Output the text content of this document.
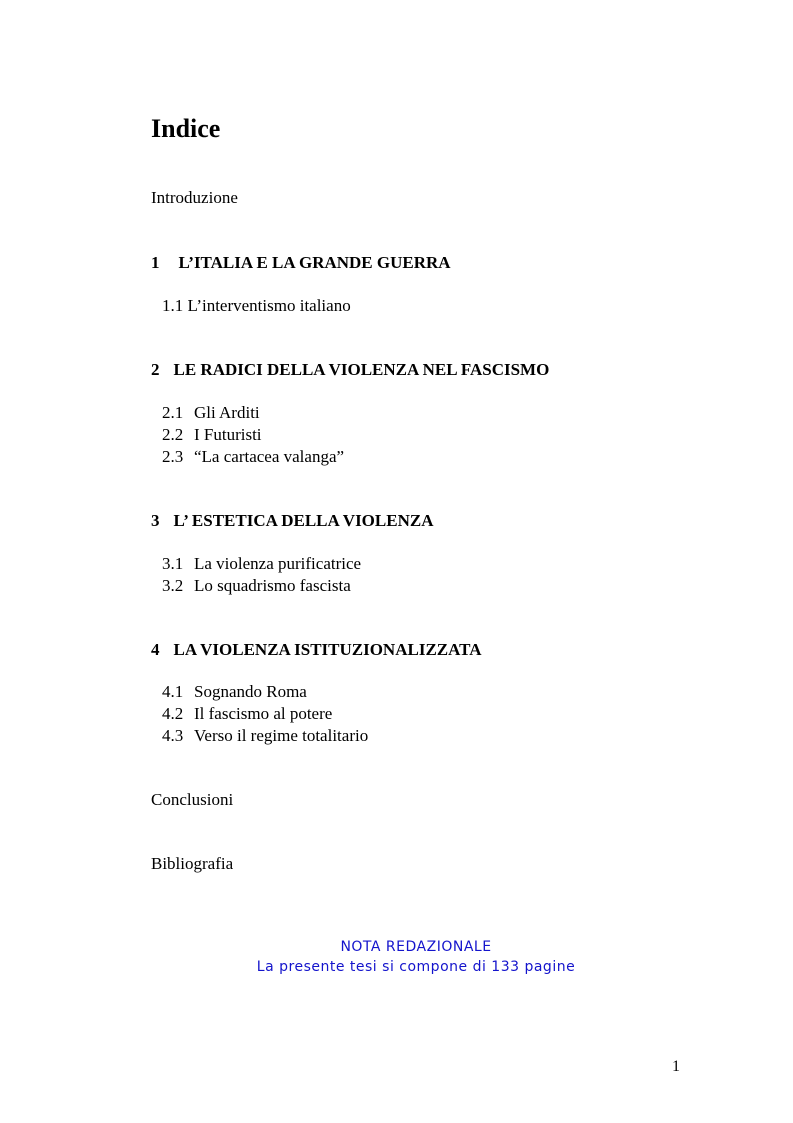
Indice
Introduzione
1 L’ITALIA E LA GRANDE GUERRA
1.1 L’interventismo italiano
2 LE RADICI DELLA VIOLENZA NEL FASCISMO
2.1 Gli Arditi
2.2 I Futuristi
2.3 “La cartacea valanga”
3 L’ ESTETICA DELLA VIOLENZA
3.1 La violenza purificatrice
3.2 Lo squadrismo fascista
4 LA VIOLENZA ISTITUZIONALIZZATA
4.1 Sognando Roma
4.2 Il fascismo al potere
4.3 Verso il regime totalitario
Conclusioni
Bibliografia
NOTA REDAZIONALE
La presente tesi si compone di 133 pagine
1
